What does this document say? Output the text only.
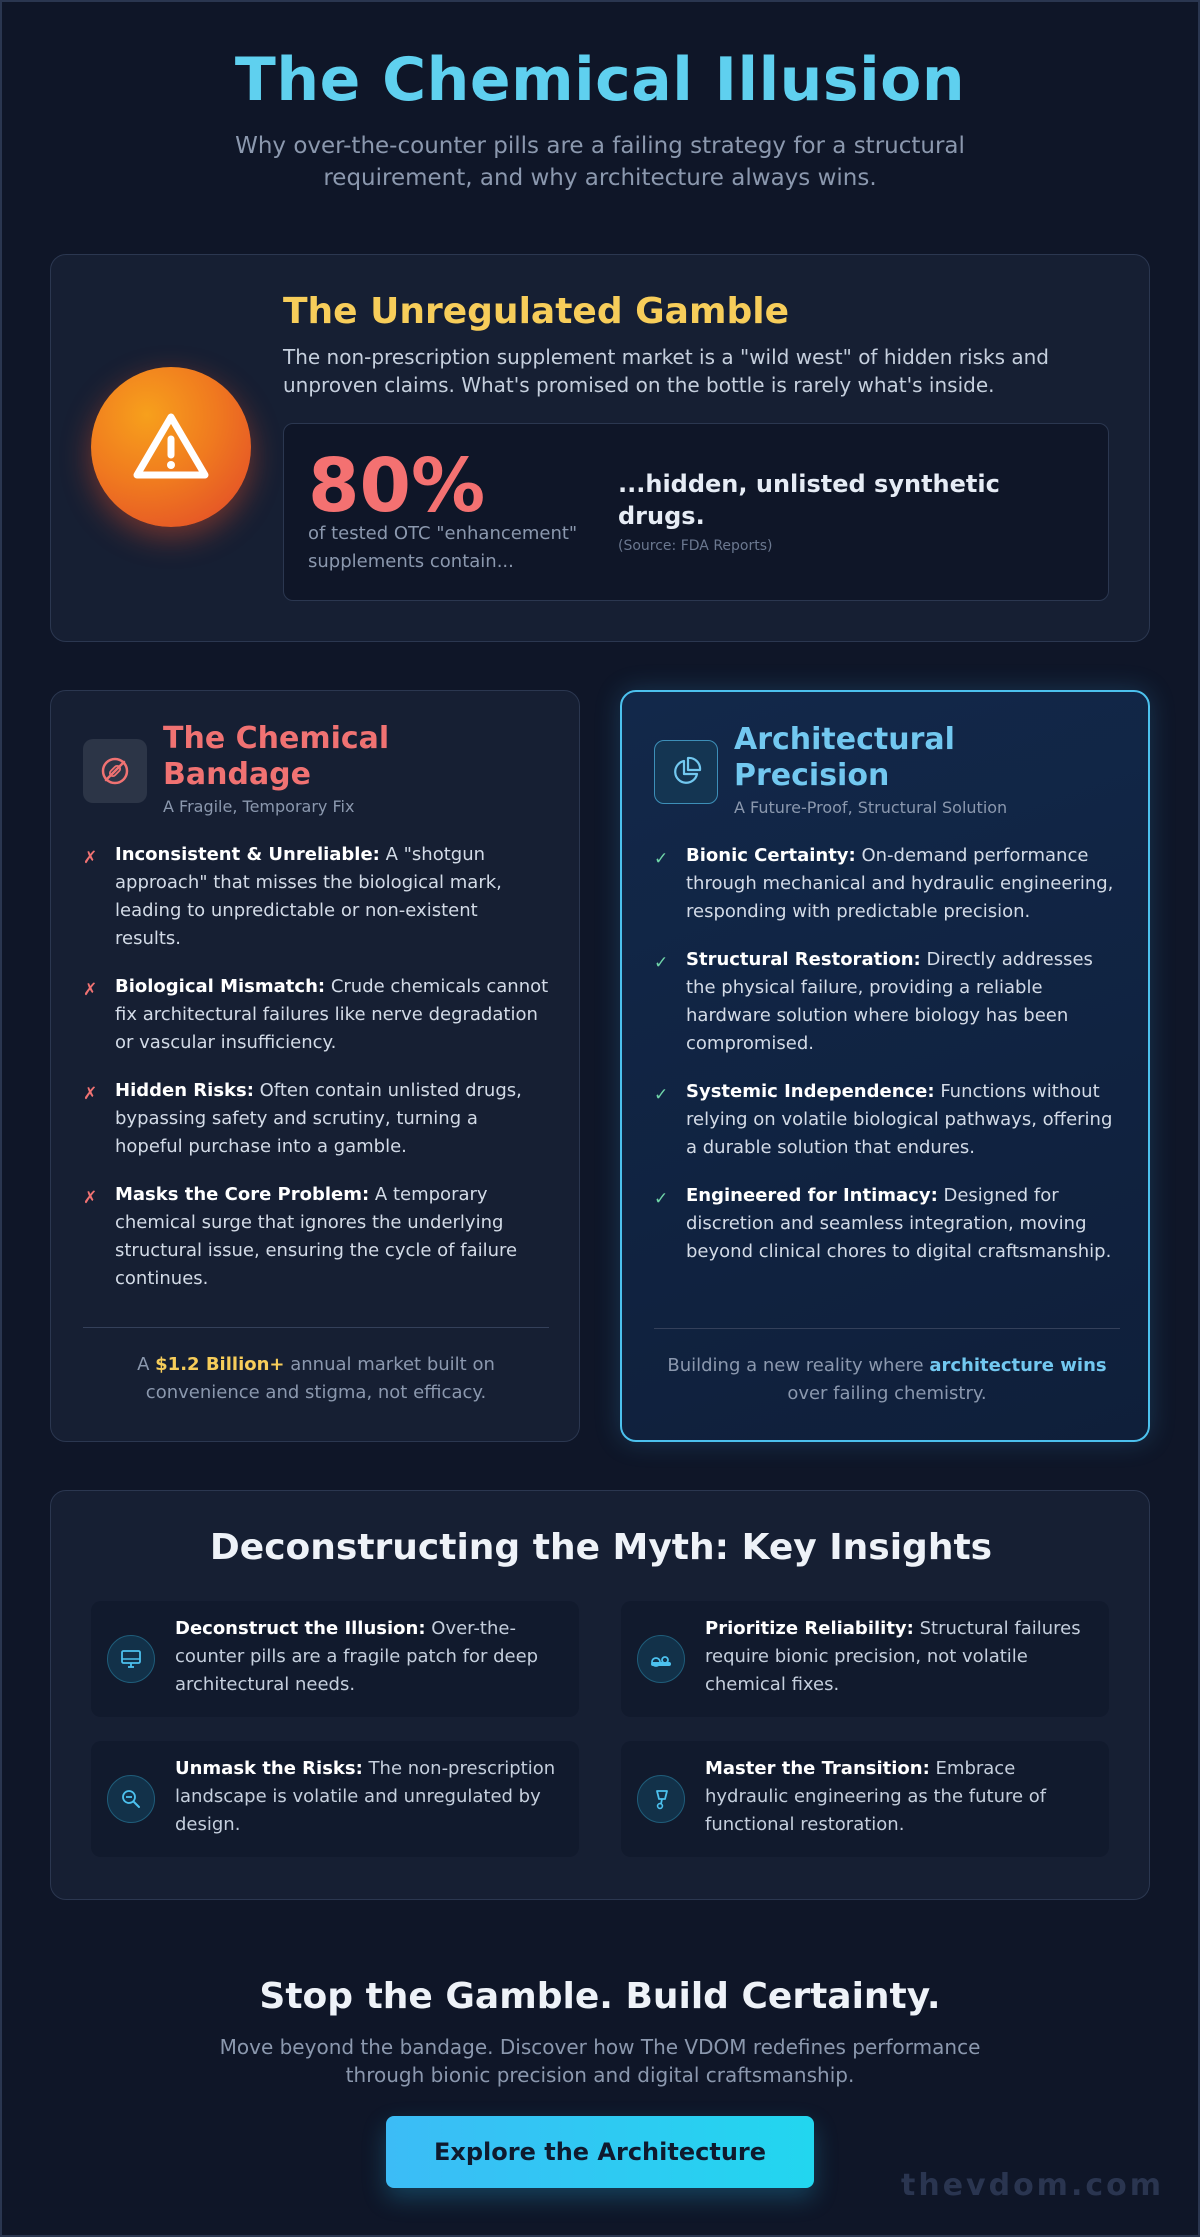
The Chemical Illusion

Why over-the-counter pills are a failing strategy for a structural requirement, and why architecture always wins.

The Unregulated Gamble

The non-prescription supplement market is a "wild west" of hidden risks and unproven claims. What's promised on the bottle is rarely what's inside.

80%
of tested OTC "enhancement" supplements contain...
...hidden, unlisted synthetic drugs.
(Source: FDA Reports)
The Chemical Bandage
A Fragile, Temporary Fix
✗ Inconsistent & Unreliable: A "shotgun approach" that misses the biological mark, leading to unpredictable or non-existent results.
✗ Biological Mismatch: Crude chemicals cannot fix architectural failures like nerve degradation or vascular insufficiency.
✗ Hidden Risks: Often contain unlisted drugs, bypassing safety and scrutiny, turning a hopeful purchase into a gamble.
✗ Masks the Core Problem: A temporary chemical surge that ignores the underlying structural issue, ensuring the cycle of failure continues.

A $1.2 Billion+ annual market built on convenience and stigma, not efficacy.

Architectural Precision
A Future-Proof, Structural Solution
✓ Bionic Certainty: On-demand performance through mechanical and hydraulic engineering, responding with predictable precision.
✓ Structural Restoration: Directly addresses the physical failure, providing a reliable hardware solution where biology has been compromised.
✓ Systemic Independence: Functions without relying on volatile biological pathways, offering a durable solution that endures.
✓ Engineered for Intimacy: Designed for discretion and seamless integration, moving beyond clinical chores to digital craftsmanship.

Building a new reality where architecture wins over failing chemistry.

Deconstructing the Myth: Key Insights

Deconstruct the Illusion: Over-the-counter pills are a fragile patch for deep architectural needs.

Prioritize Reliability: Structural failures require bionic precision, not volatile chemical fixes.

Unmask the Risks: The non-prescription landscape is volatile and unregulated by design.

Master the Transition: Embrace hydraulic engineering as the future of functional restoration.

Stop the Gamble. Build Certainty.

Move beyond the bandage. Discover how The VDOM redefines performance through bionic precision and digital craftsmanship.

Explore the Architecture
thevdom.com
